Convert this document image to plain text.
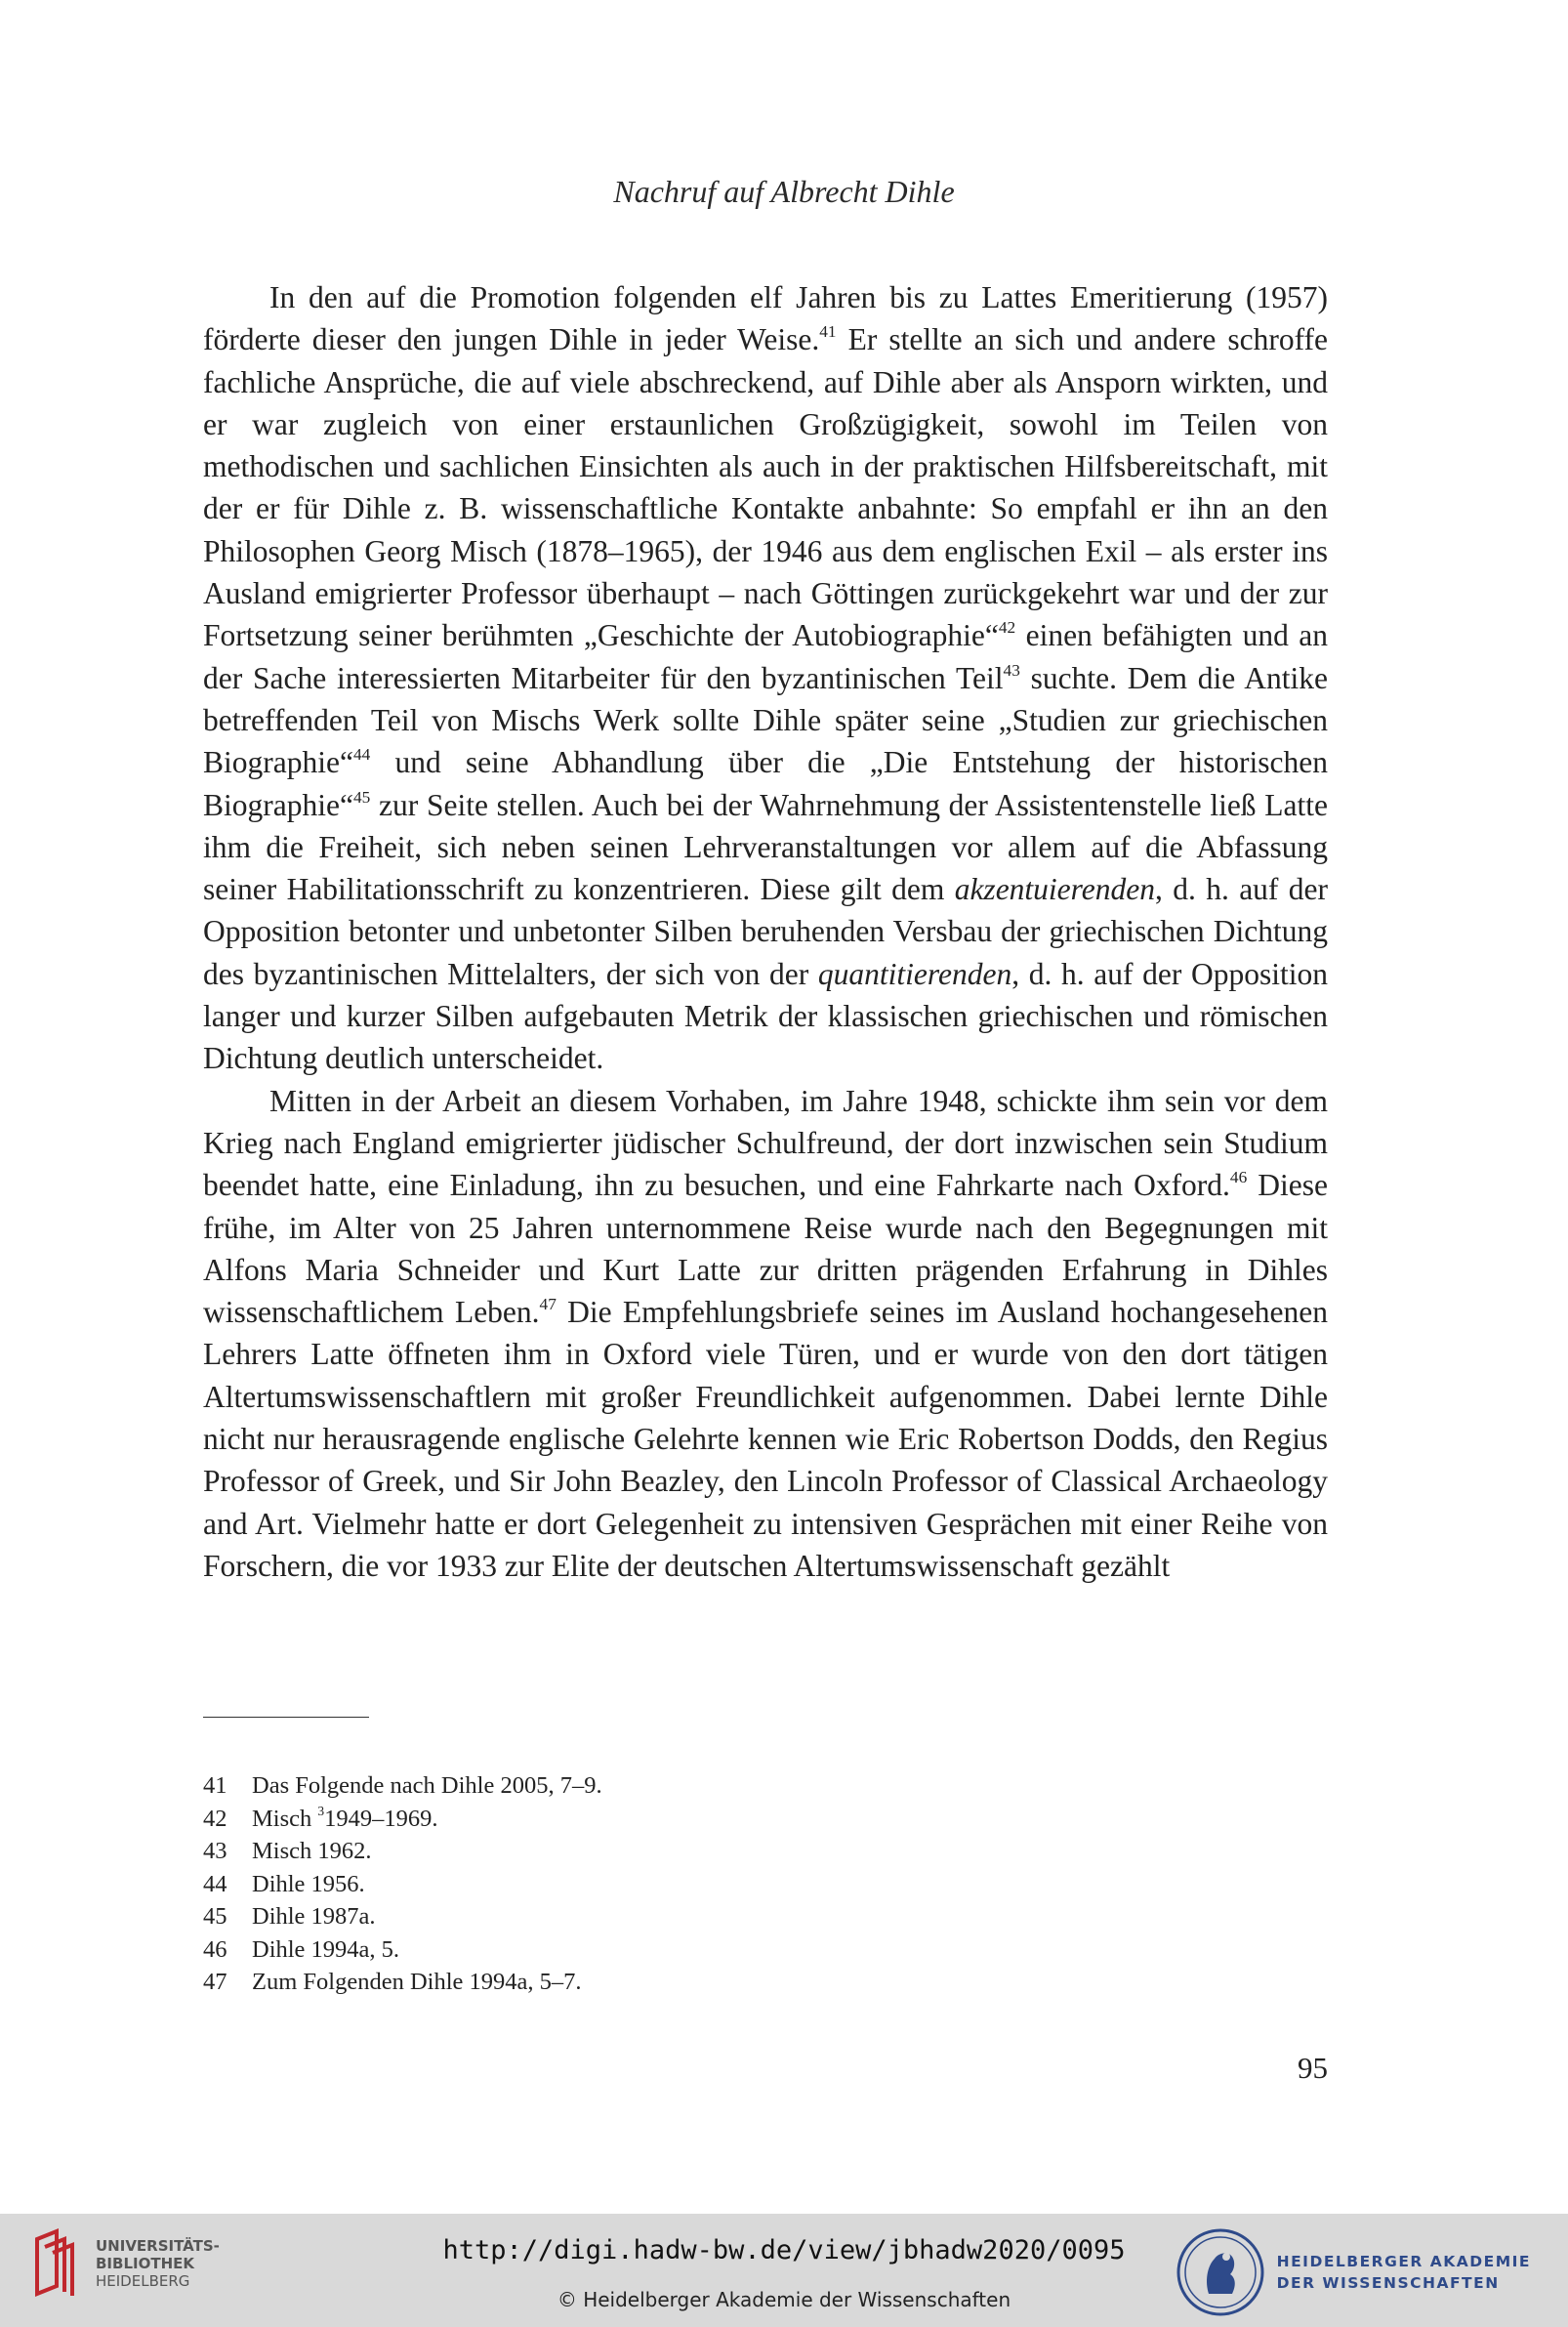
Nachruf auf Albrecht Dihle

In den auf die Promotion folgenden elf Jahren bis zu Lattes Emeritierung (1957) förderte dieser den jungen Dihle in jeder Weise.$^{41}$ Er stellte an sich und andere schroffe fachliche Ansprüche, die auf viele abschreckend, auf Dihle aber als Ansporn wirkten, und er war zugleich von einer erstaunlichen Großzügigkeit, sowohl im Teilen von methodischen und sachlichen Einsichten als auch in der praktischen Hilfsbereitschaft, mit der er für Dihle z. B. wissenschaftliche Kontakte anbahnte: So empfahl er ihn an den Philosophen Georg Misch (1878–1965), der 1946 aus dem englischen Exil – als erster ins Ausland emigrierter Professor überhaupt – nach Göttingen zurückgekehrt war und der zur Fortsetzung seiner berühmten „Geschichte der Autobiographie“$^{42}$ einen befähigten und an der Sache interessierten Mitarbeiter für den byzantinischen Teil$^{43}$ suchte. Dem die Antike betreffenden Teil von Mischs Werk sollte Dihle später seine „Studien zur griechischen Biographie“$^{44}$ und seine Abhandlung über die „Die Entstehung der historischen Biographie“$^{45}$ zur Seite stellen. Auch bei der Wahrnehmung der Assistentenstelle ließ Latte ihm die Freiheit, sich neben seinen Lehrveranstaltungen vor allem auf die Abfassung seiner Habilitationsschrift zu konzentrieren. Diese gilt dem akzentuierenden, d. h. auf der Opposition betonter und unbetonter Silben beruhenden Versbau der griechischen Dichtung des byzantinischen Mittelalters, der sich von der quantitierenden, d. h. auf der Opposition langer und kurzer Silben aufgebauten Metrik der klassischen griechischen und römischen Dichtung deutlich unterscheidet.

Mitten in der Arbeit an diesem Vorhaben, im Jahre 1948, schickte ihm sein vor dem Krieg nach England emigrierter jüdischer Schulfreund, der dort inzwischen sein Studium beendet hatte, eine Einladung, ihn zu besuchen, und eine Fahrkarte nach Oxford.$^{46}$ Diese frühe, im Alter von 25 Jahren unternommene Reise wurde nach den Begegnungen mit Alfons Maria Schneider und Kurt Latte zur dritten prägenden Erfahrung in Dihles wissenschaftlichem Leben.$^{47}$ Die Empfehlungsbriefe seines im Ausland hochangesehenen Lehrers Latte öffneten ihm in Oxford viele Türen, und er wurde von den dort tätigen Altertumswissenschaftlern mit großer Freundlichkeit aufgenommen. Dabei lernte Dihle nicht nur herausragende englische Gelehrte kennen wie Eric Robertson Dodds, den Regius Professor of Greek, und Sir John Beazley, den Lincoln Professor of Classical Archaeology and Art. Vielmehr hatte er dort Gelegenheit zu intensiven Gesprächen mit einer Reihe von Forschern, die vor 1933 zur Elite der deutschen Altertumswissenschaft gezählt

41	Das Folgende nach Dihle 2005, 7–9.
42	Misch $^3$1949–1969.
43	Misch 1962.
44	Dihle 1956.
45	Dihle 1987a.
46	Dihle 1994a, 5.
47	Zum Folgenden Dihle 1994a, 5–7.
95
UNIVERSITÄTS-
BIBLIOTHEK
HEIDELBERG
http://digi.hadw-bw.de/view/jbhadw2020/0095
© Heidelberger Akademie der Wissenschaften
HEIDELBERGER AKADEMIE
DER WISSENSCHAFTEN
